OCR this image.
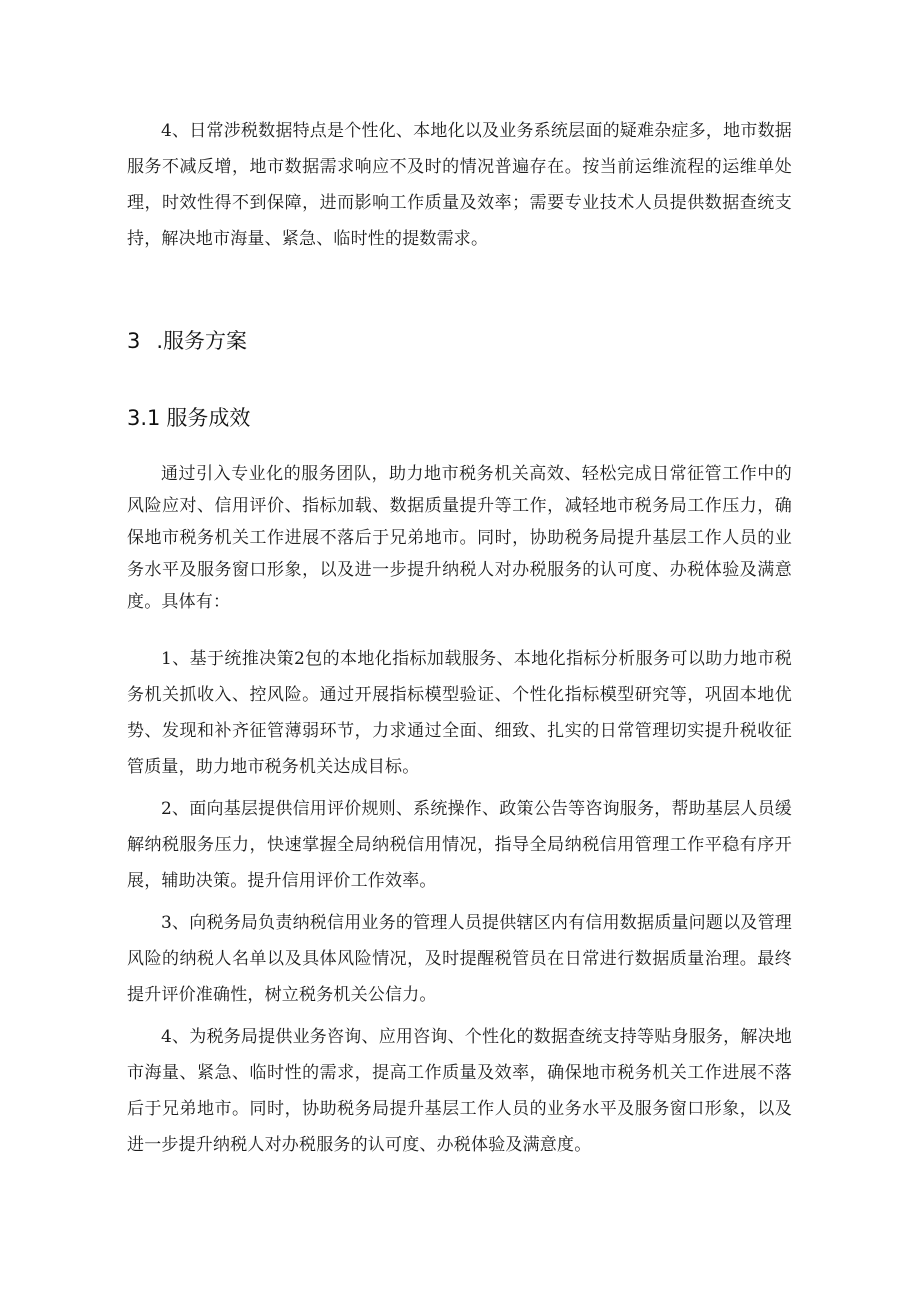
4、日常涉税数据特点是个性化、本地化以及业务系统层面的疑难杂症多，地市数据服务不减反增，地市数据需求响应不及时的情况普遍存在。按当前运维流程的运维单处理，时效性得不到保障，进而影响工作质量及效率；需要专业技术人员提供数据查统支持，解决地市海量、紧急、临时性的提数需求。

3 .服务方案
3.1 服务成效

通过引入专业化的服务团队，助力地市税务机关高效、轻松完成日常征管工作中的风险应对、信用评价、指标加载、数据质量提升等工作，减轻地市税务局工作压力，确保地市税务机关工作进展不落后于兄弟地市。同时，协助税务局提升基层工作人员的业务水平及服务窗口形象，以及进一步提升纳税人对办税服务的认可度、办税体验及满意度。具体有：

1、基于统推决策2包的本地化指标加载服务、本地化指标分析服务可以助力地市税务机关抓收入、控风险。通过开展指标模型验证、个性化指标模型研究等，巩固本地优势、发现和补齐征管薄弱环节，力求通过全面、细致、扎实的日常管理切实提升税收征管质量，助力地市税务机关达成目标。

2、面向基层提供信用评价规则、系统操作、政策公告等咨询服务，帮助基层人员缓解纳税服务压力，快速掌握全局纳税信用情况，指导全局纳税信用管理工作平稳有序开展，辅助决策。提升信用评价工作效率。

3、向税务局负责纳税信用业务的管理人员提供辖区内有信用数据质量问题以及管理风险的纳税人名单以及具体风险情况，及时提醒税管员在日常进行数据质量治理。最终提升评价准确性，树立税务机关公信力。

4、为税务局提供业务咨询、应用咨询、个性化的数据查统支持等贴身服务，解决地市海量、紧急、临时性的需求，提高工作质量及效率，确保地市税务机关工作进展不落后于兄弟地市。同时，协助税务局提升基层工作人员的业务水平及服务窗口形象，以及进一步提升纳税人对办税服务的认可度、办税体验及满意度。
